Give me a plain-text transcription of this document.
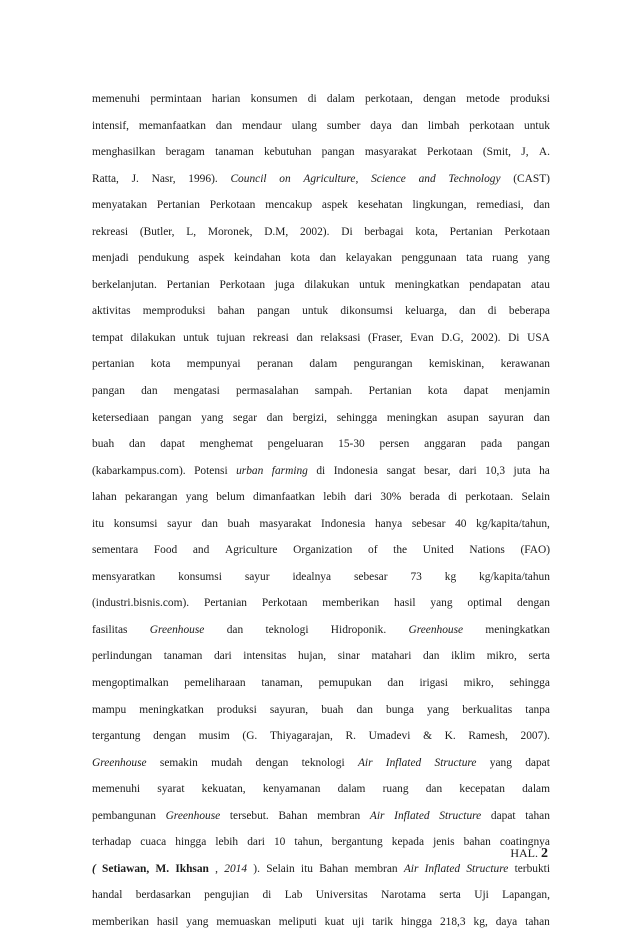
memenuhi permintaan harian konsumen di dalam perkotaan, dengan metode produksi
intensif, memanfaatkan dan mendaur ulang sumber daya dan limbah perkotaan untuk
menghasilkan beragam tanaman kebutuhan pangan masyarakat Perkotaan (Smit, J, A.
Ratta, J. Nasr, 1996). Council on Agriculture, Science and Technology (CAST)
menyatakan Pertanian Perkotaan mencakup aspek kesehatan lingkungan, remediasi, dan
rekreasi (Butler, L, Moronek, D.M, 2002). Di berbagai kota, Pertanian Perkotaan
menjadi pendukung aspek keindahan kota dan kelayakan penggunaan tata ruang yang
berkelanjutan. Pertanian Perkotaan juga dilakukan untuk meningkatkan pendapatan atau
aktivitas memproduksi bahan pangan untuk dikonsumsi keluarga, dan di beberapa
tempat dilakukan untuk tujuan rekreasi dan relaksasi (Fraser, Evan D.G, 2002). Di USA
pertanian kota mempunyai peranan dalam pengurangan kemiskinan, kerawanan
pangan dan mengatasi permasalahan sampah. Pertanian kota dapat menjamin
ketersediaan pangan yang segar dan bergizi, sehingga meningkan asupan sayuran dan
buah dan dapat menghemat pengeluaran 15-30 persen anggaran pada pangan
(kabarkampus.com). Potensi urban farming di Indonesia sangat besar, dari 10,3 juta ha
lahan pekarangan yang belum dimanfaatkan lebih dari 30% berada di perkotaan. Selain
itu konsumsi sayur dan buah masyarakat Indonesia hanya sebesar 40 kg/kapita/tahun,
sementara Food and Agriculture Organization of the United Nations (FAO)
mensyaratkan konsumsi sayur idealnya sebesar 73 kg kg/kapita/tahun
(industri.bisnis.com). Pertanian Perkotaan memberikan hasil yang optimal dengan
fasilitas Greenhouse dan teknologi Hidroponik. Greenhouse meningkatkan
perlindungan tanaman dari intensitas hujan, sinar matahari dan iklim mikro, serta
mengoptimalkan pemeliharaan tanaman, pemupukan dan irigasi mikro, sehingga
mampu meningkatkan produksi sayuran, buah dan bunga yang berkualitas tanpa
tergantung dengan musim (G. Thiyagarajan, R. Umadevi & K. Ramesh, 2007).
Greenhouse semakin mudah dengan teknologi Air Inflated Structure yang dapat
memenuhi syarat kekuatan, kenyamanan dalam ruang dan kecepatan dalam
pembangunan Greenhouse tersebut. Bahan membran Air Inflated Structure dapat tahan
terhadap cuaca hingga lebih dari 10 tahun, bergantung kepada jenis bahan coatingnya
( Setiawan, M. Ikhsan , 2014 ). Selain itu Bahan membran Air Inflated Structure terbukti
handal berdasarkan pengujian di Lab Universitas Narotama serta Uji Lapangan,
memberikan hasil yang memuaskan meliputi kuat uji tarik hingga 218,3 kg, daya tahan
HAL. 2
